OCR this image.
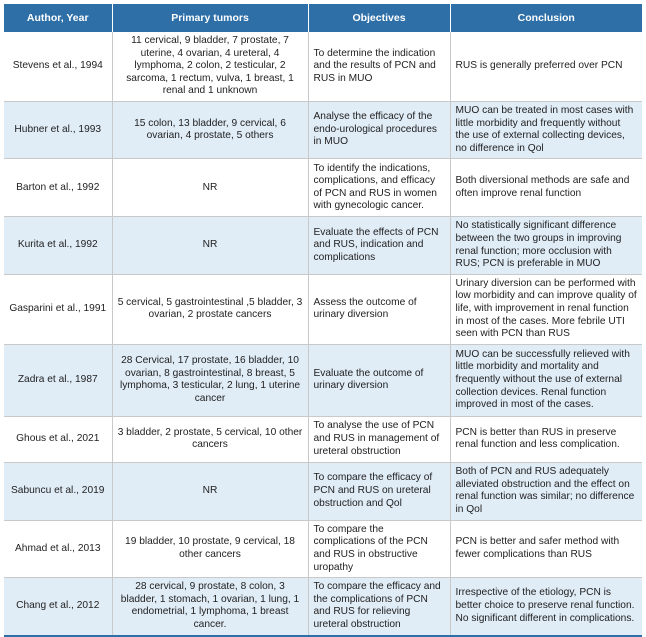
Author, Year	Primary tumors	Objectives	Conclusion
Stevens et al., 1994	11 cervical, 9 bladder, 7 prostate, 7 uterine, 4 ovarian, 4 ureteral, 4 lymphoma, 2 colon, 2 testicular, 2 sarcoma, 1 rectum, vulva, 1 breast, 1 renal and 1 unknown	To determine the indication and the results of PCN and RUS in MUO	RUS is generally preferred over PCN
Hubner et al., 1993	15 colon, 13 bladder, 9 cervical, 6 ovarian, 4 prostate, 5 others	Analyse the efficacy of the endo-urological procedures in MUO	MUO can be treated in most cases with little morbidity and frequently without the use of external collecting devices, no difference in Qol
Barton et al., 1992	NR	To identify the indications, complications, and efficacy of PCN and RUS in women with gynecologic cancer.	Both diversional methods are safe and often improve renal function
Kurita et al., 1992	NR	Evaluate the effects of PCN and RUS, indication and complications	No statistically significant difference between the two groups in improving renal function; more occlusion with RUS; PCN is preferable in MUO
Gasparini et al., 1991	5 cervical, 5 gastrointestinal ,5 bladder, 3 ovarian, 2 prostate cancers	Assess the outcome of urinary diversion	Urinary diversion can be performed with low morbidity and can improve quality of life, with improvement in renal function in most of the cases. More febrile UTI seen with PCN than RUS
Zadra et al., 1987	28 Cervical, 17 prostate, 16 bladder, 10 ovarian, 8 gastrointestinal, 8 breast, 5 lymphoma, 3 testicular, 2 lung, 1 uterine cancer	Evaluate the outcome of urinary diversion	MUO can be successfully relieved with little morbidity and mortality and frequently without the use of external collection devices. Renal function improved in most of the cases.
Ghous et al., 2021	3 bladder, 2 prostate, 5 cervical, 10 other cancers	To analyse the use of PCN and RUS in management of ureteral obstruction	PCN is better than RUS in preserve renal function and less complication.
Sabuncu et al., 2019	NR	To compare the efficacy of PCN and RUS on ureteral obstruction and Qol	Both of PCN and RUS adequately alleviated obstruction and the effect on renal function was similar; no difference in Qol
Ahmad et al., 2013	19 bladder, 10 prostate, 9 cervical, 18 other cancers	To compare the complications of the PCN and RUS in obstructive uropathy	PCN is better and safer method with fewer complications than RUS
Chang et al., 2012	28 cervical, 9 prostate, 8 colon, 3 bladder, 1 stomach, 1 ovarian, 1 lung, 1 endometrial, 1 lymphoma, 1 breast cancer.	To compare the efficacy and the complications of PCN and RUS for relieving ureteral obstruction	Irrespective of the etiology, PCN is better choice to preserve renal function. No significant different in complications.
